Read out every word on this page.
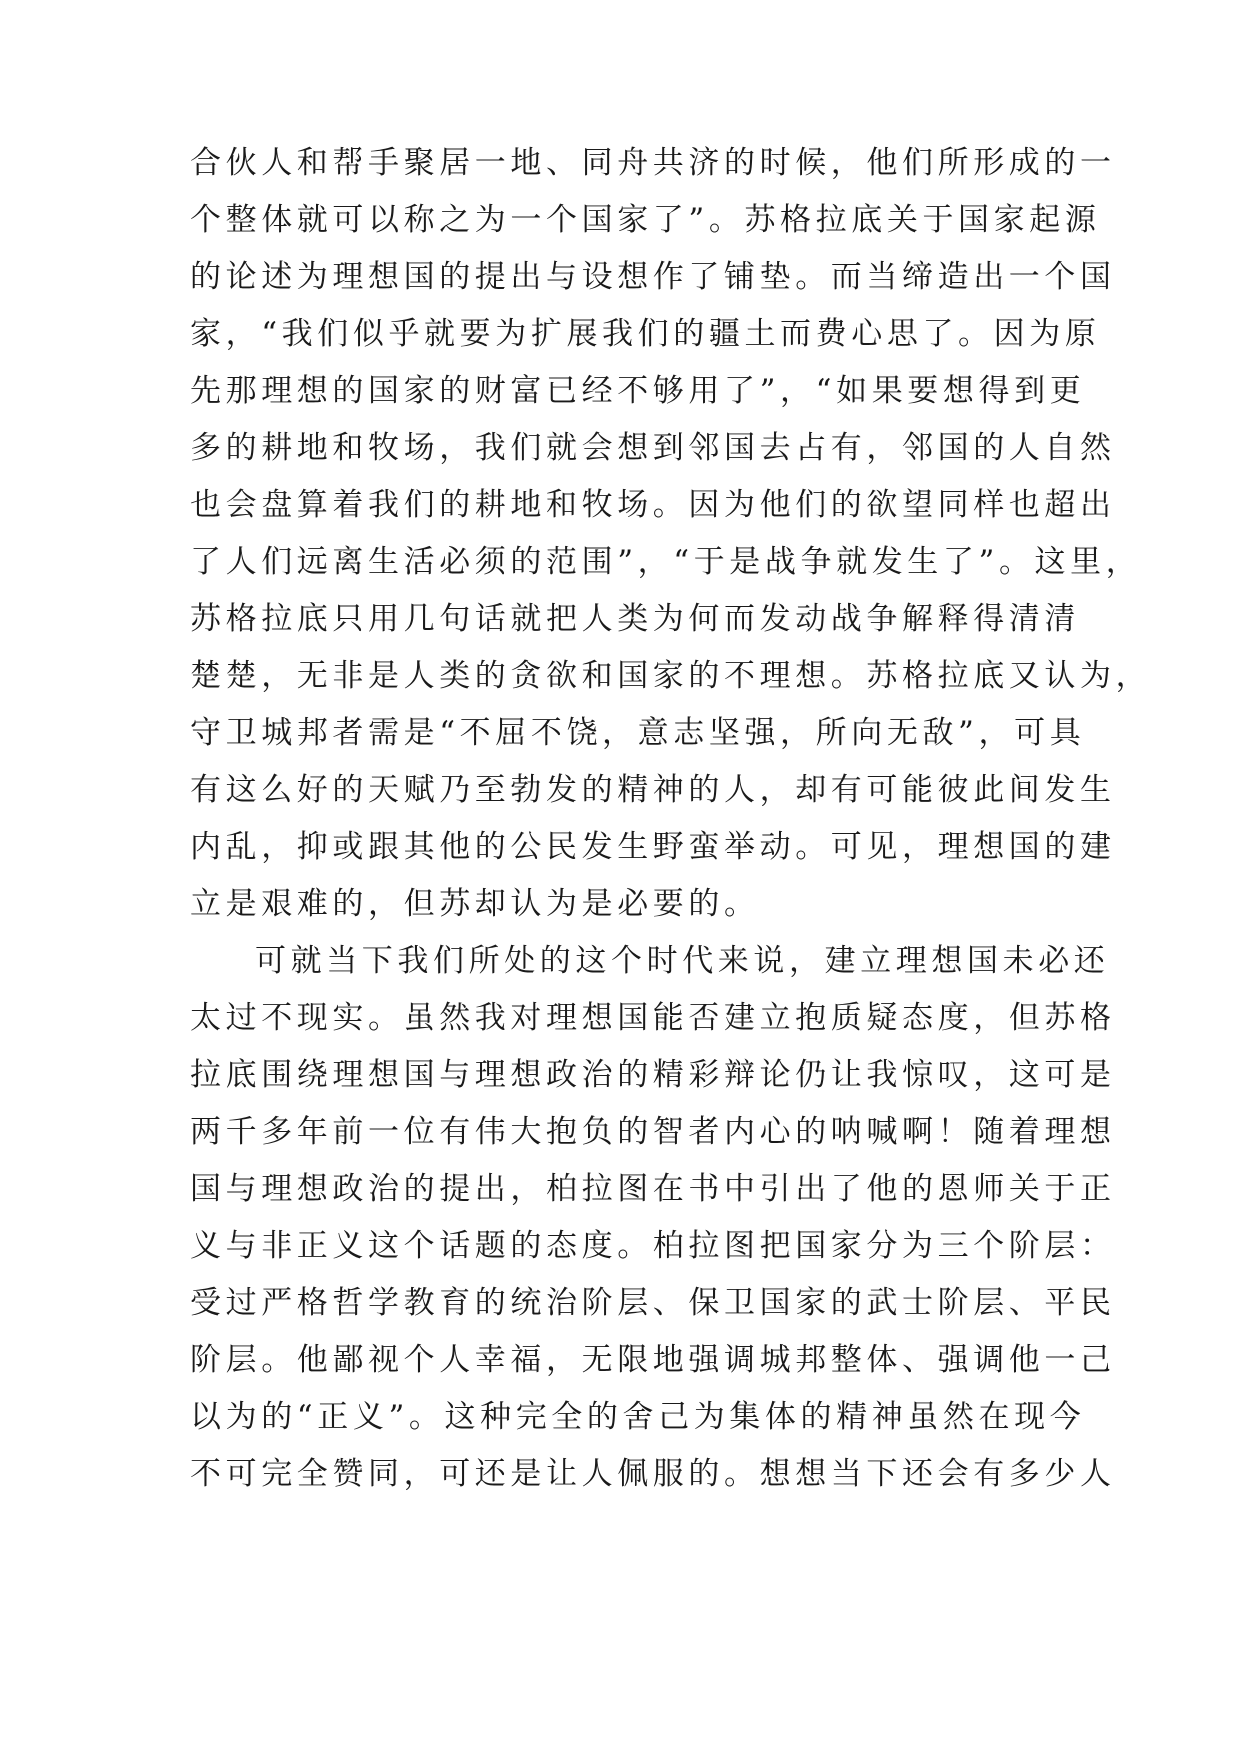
合伙人和帮手聚居一地、同舟共济的时候，他们所形成的一
个整体就可以称之为一个国家了”。苏格拉底关于国家起源
的论述为理想国的提出与设想作了铺垫。而当缔造出一个国
家，“我们似乎就要为扩展我们的疆土而费心思了。因为原
先那理想的国家的财富已经不够用了”，“如果要想得到更
多的耕地和牧场，我们就会想到邻国去占有，邻国的人自然
也会盘算着我们的耕地和牧场。因为他们的欲望同样也超出
了人们远离生活必须的范围”，“于是战争就发生了”。这里，
苏格拉底只用几句话就把人类为何而发动战争解释得清清
楚楚，无非是人类的贪欲和国家的不理想。苏格拉底又认为，
守卫城邦者需是“不屈不饶，意志坚强，所向无敌”，可具
有这么好的天赋乃至勃发的精神的人，却有可能彼此间发生
内乱，抑或跟其他的公民发生野蛮举动。可见，理想国的建
立是艰难的，但苏却认为是必要的。
可就当下我们所处的这个时代来说，建立理想国未必还
太过不现实。虽然我对理想国能否建立抱质疑态度，但苏格
拉底围绕理想国与理想政治的精彩辩论仍让我惊叹，这可是
两千多年前一位有伟大抱负的智者内心的呐喊啊！随着理想
国与理想政治的提出，柏拉图在书中引出了他的恩师关于正
义与非正义这个话题的态度。柏拉图把国家分为三个阶层：
受过严格哲学教育的统治阶层、保卫国家的武士阶层、平民
阶层。他鄙视个人幸福，无限地强调城邦整体、强调他一己
以为的“正义”。这种完全的舍己为集体的精神虽然在现今
不可完全赞同，可还是让人佩服的。想想当下还会有多少人
